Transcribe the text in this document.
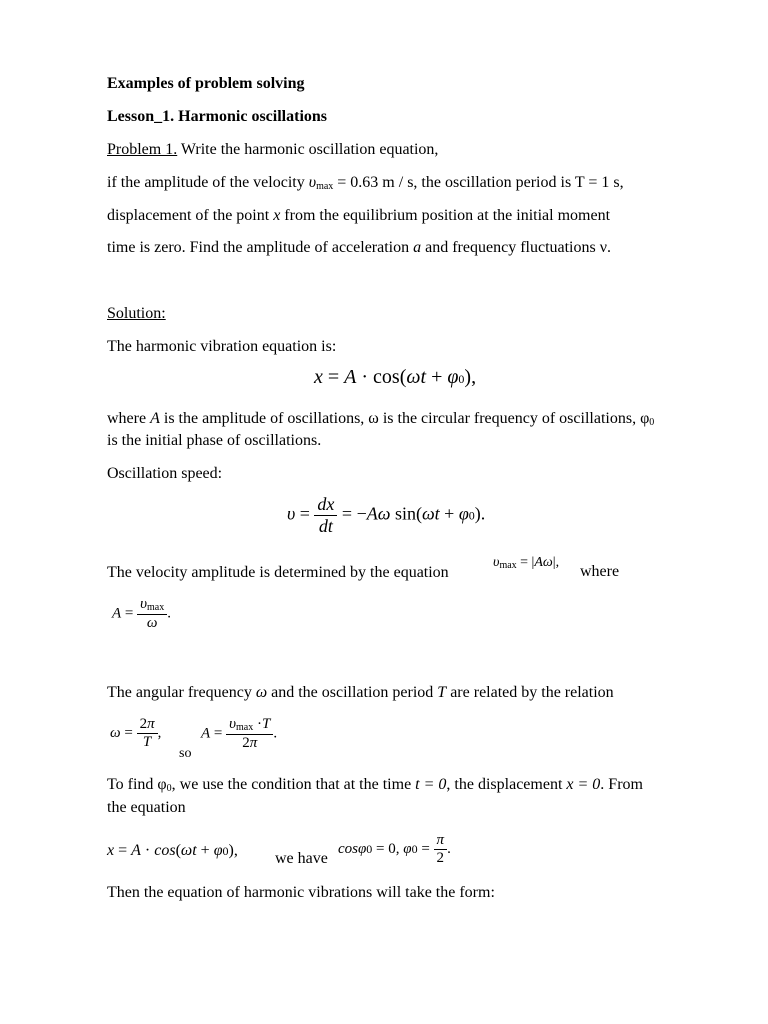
Examples of problem solving
Lesson_1. Harmonic oscillations
Problem 1. Write the harmonic oscillation equation,
if the amplitude of the velocity $\upsilon_{max} = 0.63$ m / s, the oscillation period is T = 1 s,
displacement of the point x from the equilibrium position at the initial moment
time is zero. Find the amplitude of acceleration a and frequency fluctuations ν.
Solution:
The harmonic vibration equation is:
x = A · cos(ωt + φ0),
where A is the amplitude of oscillations, ω is the circular frequency of oscillations, $\varphi_0$
is the initial phase of oscillations.
Oscillation speed:
$\upsilon = \frac{dx}{dt} = -A\omega$ sin(ωt + φ0).
The velocity amplitude is determined by the equation
$\upsilon_{max} = |A\omega|$,
where
$A = \frac{\upsilon_{max}}{\omega}$ .
The angular frequency ω and the oscillation period T are related by the relation
$\omega = \frac{2\pi}{T}$ ,
so
$A = \frac{\upsilon_{max} \cdot T}{2\pi}$ .
To find $\varphi_0$, we use the condition that at the time t = 0, the displacement x = 0. From
the equation
x = A · cos(ωt + φ0), we have
cosφ0 = 0, $\varphi 0 = \frac{\pi}{2}$ .
Then the equation of harmonic vibrations will take the form:
